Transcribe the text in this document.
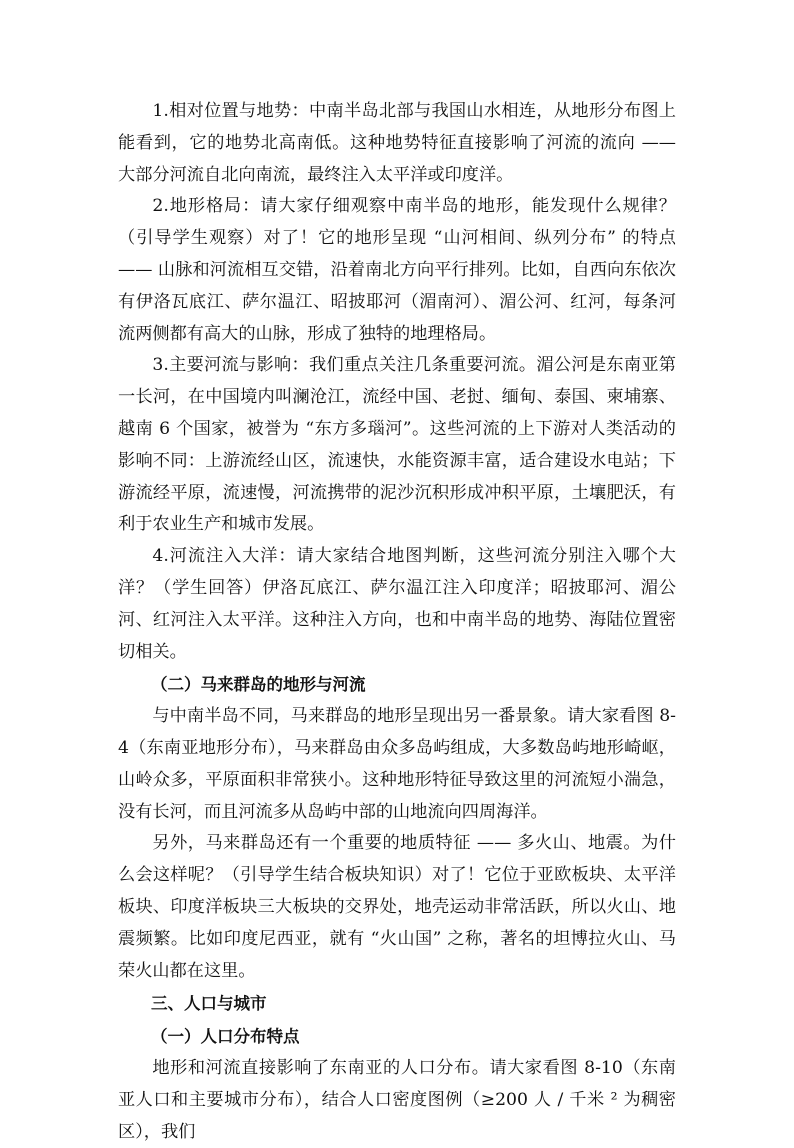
1.相对位置与地势：中南半岛北部与我国山水相连，从地形分布图上能看到，它的地势北高南低。这种地势特征直接影响了河流的流向 —— 大部分河流自北向南流，最终注入太平洋或印度洋。

2.地形格局：请大家仔细观察中南半岛的地形，能发现什么规律？（引导学生观察）对了！它的地形呈现 “山河相间、纵列分布” 的特点 —— 山脉和河流相互交错，沿着南北方向平行排列。比如，自西向东依次有伊洛瓦底江、萨尔温江、昭披耶河（湄南河）、湄公河、红河，每条河流两侧都有高大的山脉，形成了独特的地理格局。

3.主要河流与影响：我们重点关注几条重要河流。湄公河是东南亚第一长河，在中国境内叫澜沧江，流经中国、老挝、缅甸、泰国、柬埔寨、越南 6 个国家，被誉为 “东方多瑙河”。这些河流的上下游对人类活动的影响不同：上游流经山区，流速快，水能资源丰富，适合建设水电站；下游流经平原，流速慢，河流携带的泥沙沉积形成冲积平原，土壤肥沃，有利于农业生产和城市发展。

4.河流注入大洋：请大家结合地图判断，这些河流分别注入哪个大洋？（学生回答）伊洛瓦底江、萨尔温江注入印度洋；昭披耶河、湄公河、红河注入太平洋。这种注入方向，也和中南半岛的地势、海陆位置密切相关。

（二）马来群岛的地形与河流

与中南半岛不同，马来群岛的地形呈现出另一番景象。请大家看图 8-4（东南亚地形分布），马来群岛由众多岛屿组成，大多数岛屿地形崎岖，山岭众多，平原面积非常狭小。这种地形特征导致这里的河流短小湍急，没有长河，而且河流多从岛屿中部的山地流向四周海洋。

另外，马来群岛还有一个重要的地质特征 —— 多火山、地震。为什么会这样呢？（引导学生结合板块知识）对了！它位于亚欧板块、太平洋板块、印度洋板块三大板块的交界处，地壳运动非常活跃，所以火山、地震频繁。比如印度尼西亚，就有 “火山国” 之称，著名的坦博拉火山、马荣火山都在这里。

三、人口与城市

（一）人口分布特点

地形和河流直接影响了东南亚的人口分布。请大家看图 8-10（东南亚人口和主要城市分布），结合人口密度图例（≥200 人 / 千米 ² 为稠密区），我们
